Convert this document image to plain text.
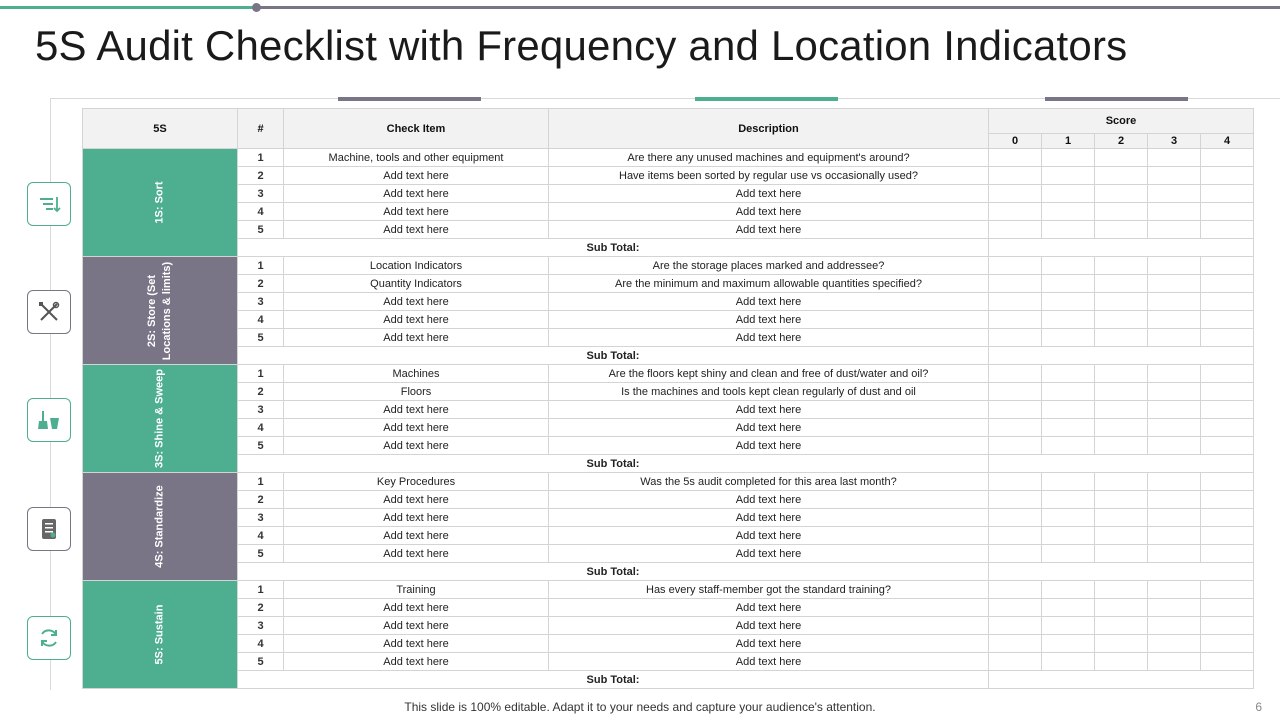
5S Audit Checklist with Frequency and Location Indicators
5S	#	Check Item	Description	Score				
				0	1	2	3	4
1S: Sort	1	Machine, tools and other equipment	Are there any unused machines and equipment's around?					
	2	Add text here	Have items been sorted by regular use vs occasionally used?					
	3	Add text here	Add text here					
	4	Add text here	Add text here					
	5	Add text here	Add text here					
	Sub Total:							
2S: Store (Set Locations & limits)	1	Location Indicators	Are the storage places marked and addressee?					
	2	Quantity Indicators	Are the minimum and maximum allowable quantities specified?					
	3	Add text here	Add text here					
	4	Add text here	Add text here					
	5	Add text here	Add text here					
	Sub Total:							
3S: Shine & Sweep	1	Machines	Are the floors kept shiny and clean and free of dust/water and oil?					
	2	Floors	Is the machines and tools kept clean regularly of dust and oil					
	3	Add text here	Add text here					
	4	Add text here	Add text here					
	5	Add text here	Add text here					
	Sub Total:							
4S: Standardize	1	Key Procedures	Was the 5s audit completed for this area last month?					
	2	Add text here	Add text here					
	3	Add text here	Add text here					
	4	Add text here	Add text here					
	5	Add text here	Add text here					
	Sub Total:							
5S: Sustain	1	Training	Has every staff-member got the standard training?					
	2	Add text here	Add text here					
	3	Add text here	Add text here					
	4	Add text here	Add text here					
	5	Add text here	Add text here					
	Sub Total:							
This slide is 100% editable. Adapt it to your needs and capture your audience's attention.	6
